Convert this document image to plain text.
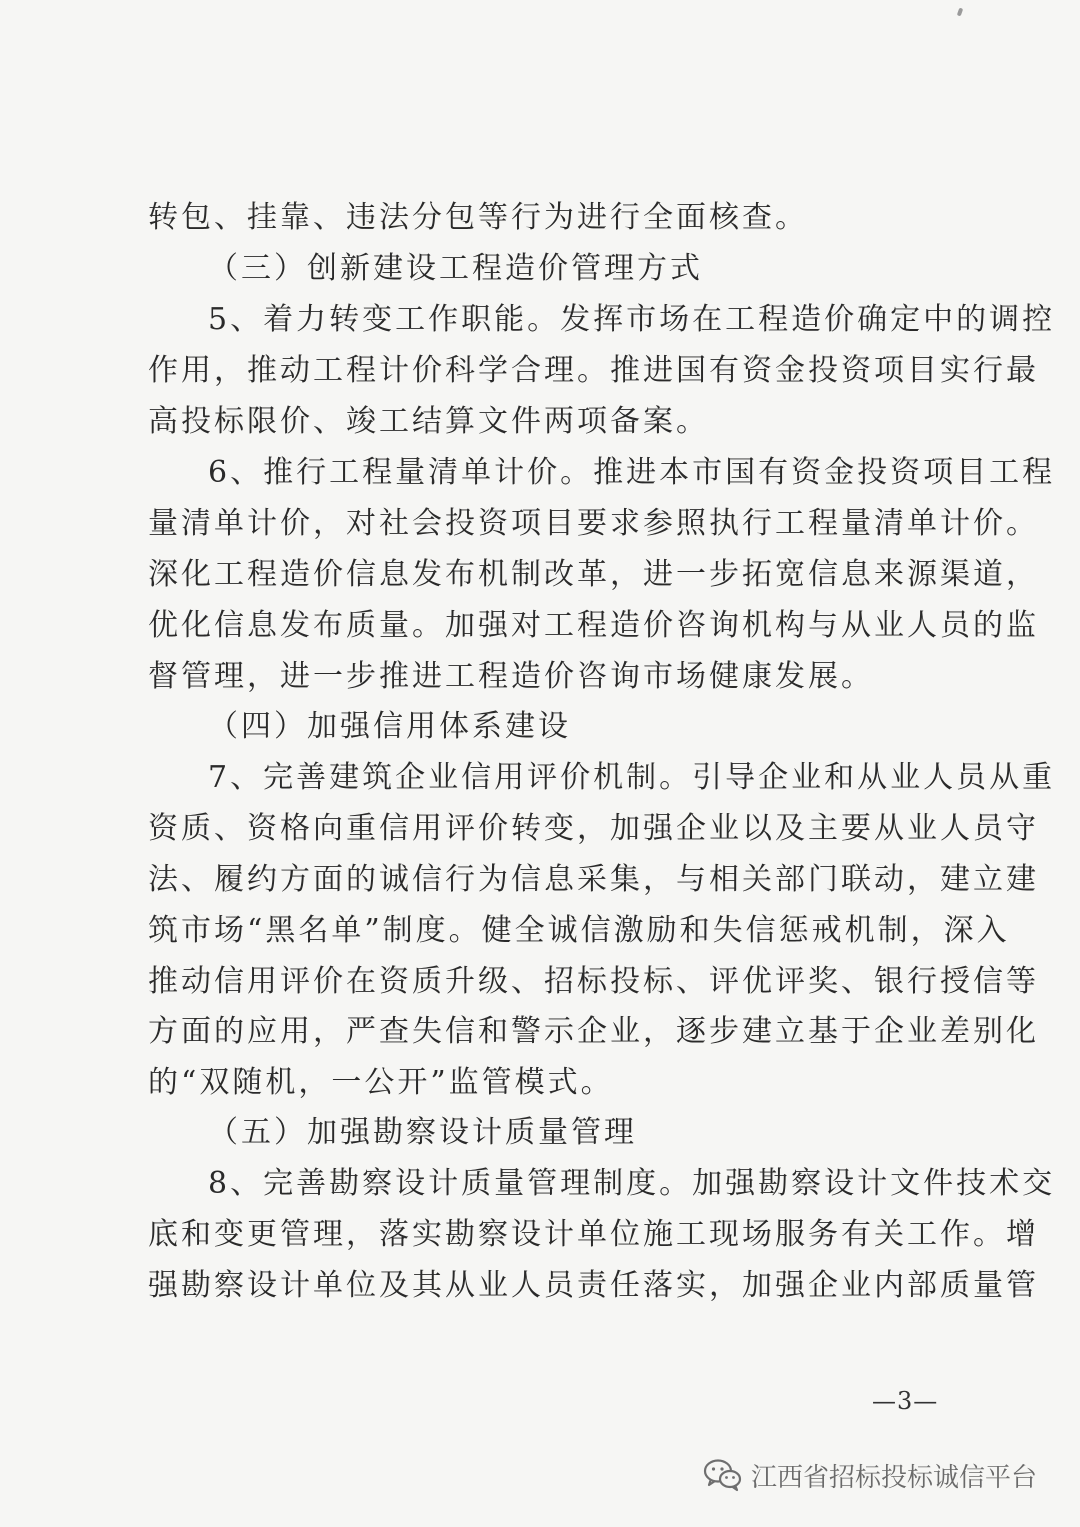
转包、挂靠、违法分包等行为进行全面核查。
（三）创新建设工程造价管理方式
5、着力转变工作职能。发挥市场在工程造价确定中的调控
作用，推动工程计价科学合理。推进国有资金投资项目实行最
高投标限价、竣工结算文件两项备案。
6、推行工程量清单计价。推进本市国有资金投资项目工程
量清单计价，对社会投资项目要求参照执行工程量清单计价。
深化工程造价信息发布机制改革，进一步拓宽信息来源渠道，
优化信息发布质量。加强对工程造价咨询机构与从业人员的监
督管理，进一步推进工程造价咨询市场健康发展。
（四）加强信用体系建设
7、完善建筑企业信用评价机制。引导企业和从业人员从重
资质、资格向重信用评价转变，加强企业以及主要从业人员守
法、履约方面的诚信行为信息采集，与相关部门联动，建立建
筑市场“黑名单”制度。健全诚信激励和失信惩戒机制，深入
推动信用评价在资质升级、招标投标、评优评奖、银行授信等
方面的应用，严查失信和警示企业，逐步建立基于企业差别化
的“双随机，一公开”监管模式。
（五）加强勘察设计质量管理
8、完善勘察设计质量管理制度。加强勘察设计文件技术交
底和变更管理，落实勘察设计单位施工现场服务有关工作。增
强勘察设计单位及其从业人员责任落实，加强企业内部质量管
—3—
江西省招标投标诚信平台
